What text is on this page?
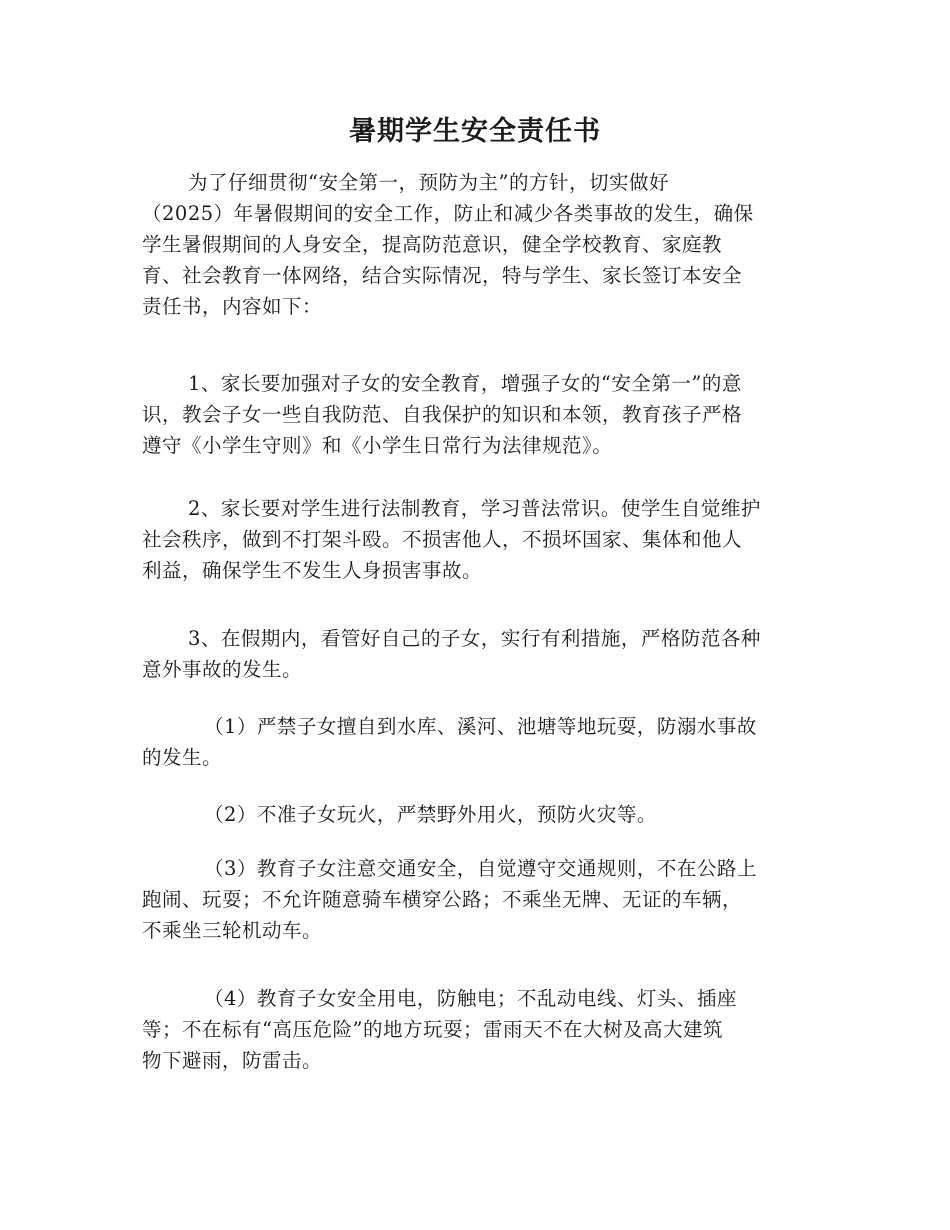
暑期学生安全责任书

为了仔细贯彻“安全第一，预防为主”的方针，切实做好
（2025）年暑假期间的安全工作，防止和减少各类事故的发生，确保
学生暑假期间的人身安全，提高防范意识，健全学校教育、家庭教
育、社会教育一体网络，结合实际情况，特与学生、家长签订本安全
责任书，内容如下：

1、家长要加强对子女的安全教育，增强子女的“安全第一”的意
识，教会子女一些自我防范、自我保护的知识和本领，教育孩子严格
遵守《小学生守则》和《小学生日常行为法律规范》。

2、家长要对学生进行法制教育，学习普法常识。使学生自觉维护
社会秩序，做到不打架斗殴。不损害他人，不损坏国家、集体和他人
利益，确保学生不发生人身损害事故。

3、在假期内，看管好自己的子女，实行有利措施，严格防范各种
意外事故的发生。

（1）严禁子女擅自到水库、溪河、池塘等地玩耍，防溺水事故
的发生。

（2）不准子女玩火，严禁野外用火，预防火灾等。

（3）教育子女注意交通安全，自觉遵守交通规则，不在公路上
跑闹、玩耍；不允许随意骑车横穿公路；不乘坐无牌、无证的车辆，
不乘坐三轮机动车。

（4）教育子女安全用电，防触电；不乱动电线、灯头、插座
等；不在标有“高压危险”的地方玩耍；雷雨天不在大树及高大建筑
物下避雨，防雷击。
